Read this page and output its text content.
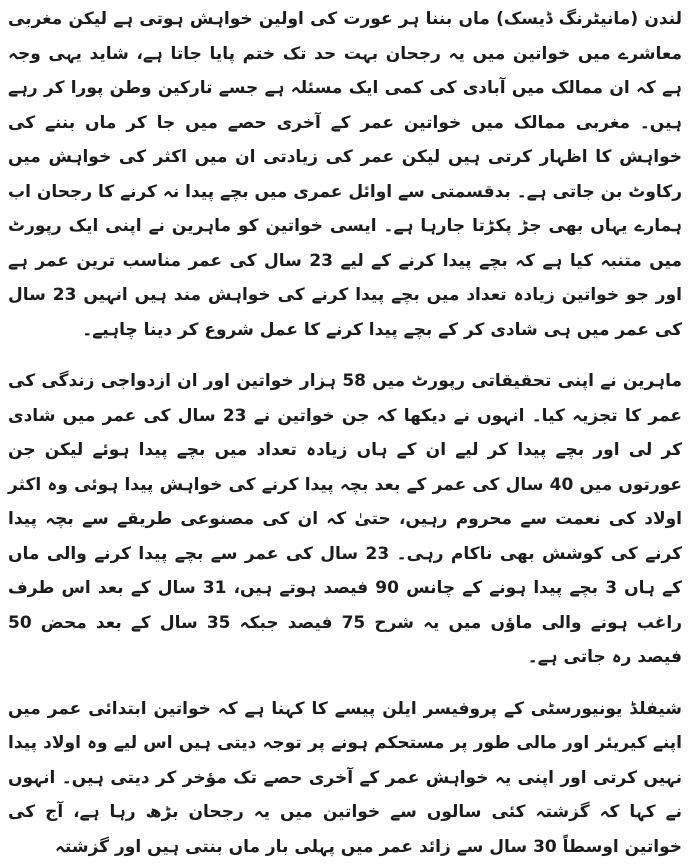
لندن (مانیٹرنگ ڈیسک) ماں بننا ہر عورت کی اولین خواہش ہوتی ہے لیکن مغربی معاشرے میں خواتین میں یہ رجحان بہت حد تک ختم پایا جاتا ہے، شاید یہی وجہ ہے کہ ان ممالک میں آبادی کی کمی ایک مسئلہ ہے جسے تارکین وطن پورا کر رہے ہیں۔ مغربی ممالک میں خواتین عمر کے آخری حصے میں جا کر ماں بننے کی خواہش کا اظہار کرتی ہیں لیکن عمر کی زیادتی ان میں اکثر کی خواہش میں رکاوٹ بن جاتی ہے۔ بدقسمتی سے اوائل عمری میں بچے پیدا نہ کرنے کا رجحان اب ہمارے یہاں بھی جڑ پکڑتا جارہا ہے۔ ایسی خواتین کو ماہرین نے اپنی ایک رپورٹ میں متنبہ کیا ہے کہ بچے پیدا کرنے کے لیے 23 سال کی عمر مناسب ترین عمر ہے اور جو خواتین زیادہ تعداد میں بچے پیدا کرنے کی خواہش مند ہیں انہیں 23 سال کی عمر میں ہی شادی کر کے بچے پیدا کرنے کا عمل شروع کر دینا چاہیے۔

ماہرین نے اپنی تحقیقاتی رپورٹ میں 58 ہزار خواتین اور ان ازدواجی زندگی کی عمر کا تجزیہ کیا۔ انہوں نے دیکھا کہ جن خواتین نے 23 سال کی عمر میں شادی کر لی اور بچے پیدا کر لیے ان کے ہاں زیادہ تعداد میں بچے پیدا ہوئے لیکن جن عورتوں میں 40 سال کی عمر کے بعد بچہ پیدا کرنے کی خواہش پیدا ہوئی وہ اکثر اولاد کی نعمت سے محروم رہیں، حتیٰ کہ ان کی مصنوعی طریقے سے بچہ پیدا کرنے کی کوشش بھی ناکام رہی۔ 23 سال کی عمر سے بچے پیدا کرنے والی ماں کے ہاں 3 بچے پیدا ہونے کے چانس 90 فیصد ہوتے ہیں، 31 سال کے بعد اس طرف راغب ہونے والی ماؤں میں یہ شرح 75 فیصد جبکہ 35 سال کے بعد محض 50 فیصد رہ جاتی ہے۔

شیفلڈ یونیورسٹی کے پروفیسر ایلن پیسے کا کہنا ہے کہ خواتین ابتدائی عمر میں اپنے کیریئر اور مالی طور پر مستحکم ہونے پر توجہ دیتی ہیں اس لیے وہ اولاد پیدا نہیں کرتی اور اپنی یہ خواہش عمر کے آخری حصے تک مؤخر کر دیتی ہیں۔ انہوں نے کہا کہ گزشتہ کئی سالوں سے خواتین میں یہ رجحان بڑھ رہا ہے، آج کی خواتین اوسطاً 30 سال سے زائد عمر میں پہلی بار ماں بنتی ہیں اور گزشتہ
